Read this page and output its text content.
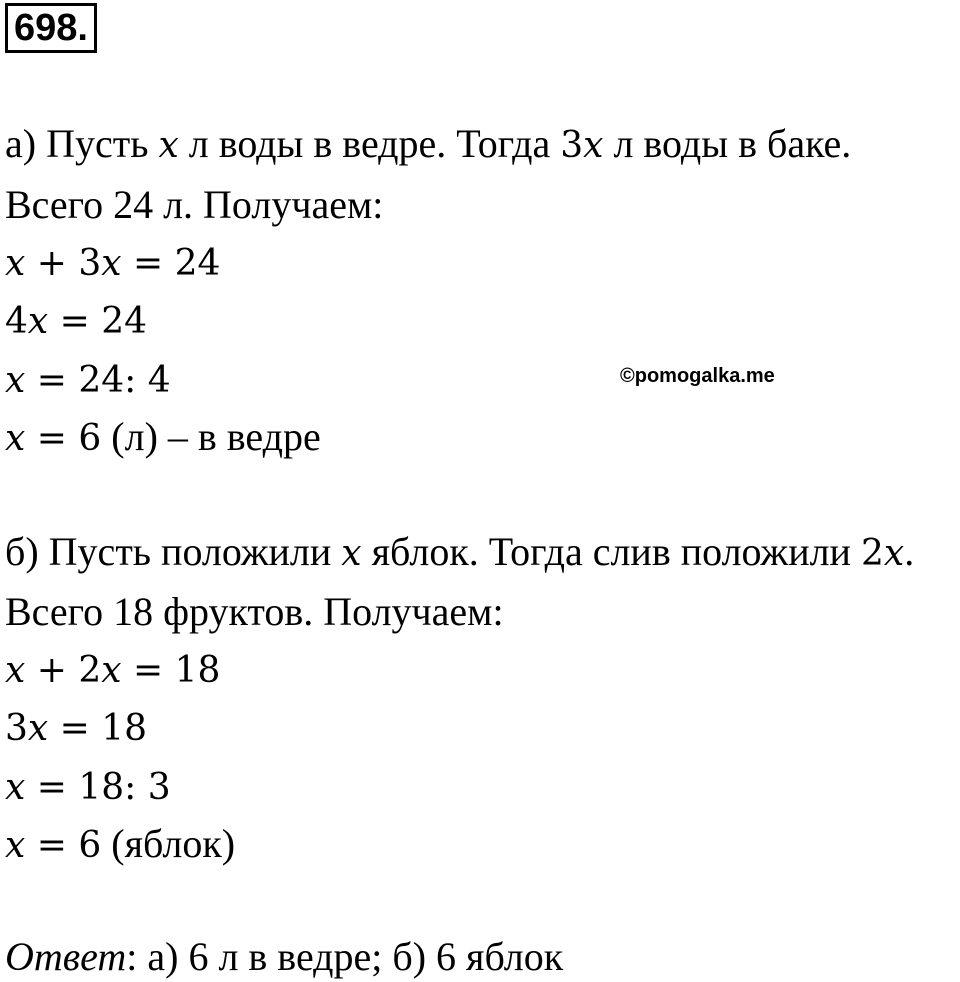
698.
а) Пусть x л воды в ведре. Тогда 3x л воды в баке.
Всего 24 л. Получаем:
x + 3x = 24
4x = 24
x = 24: 4
x = 6 (л) – в ведре
©pomogalka.me
б) Пусть положили x яблок. Тогда слив положили 2x.
Всего 18 фруктов. Получаем:
x + 2x = 18
3x = 18
x = 18: 3
x = 6 (яблок)
Ответ: а) 6 л в ведре; б) 6 яблок
